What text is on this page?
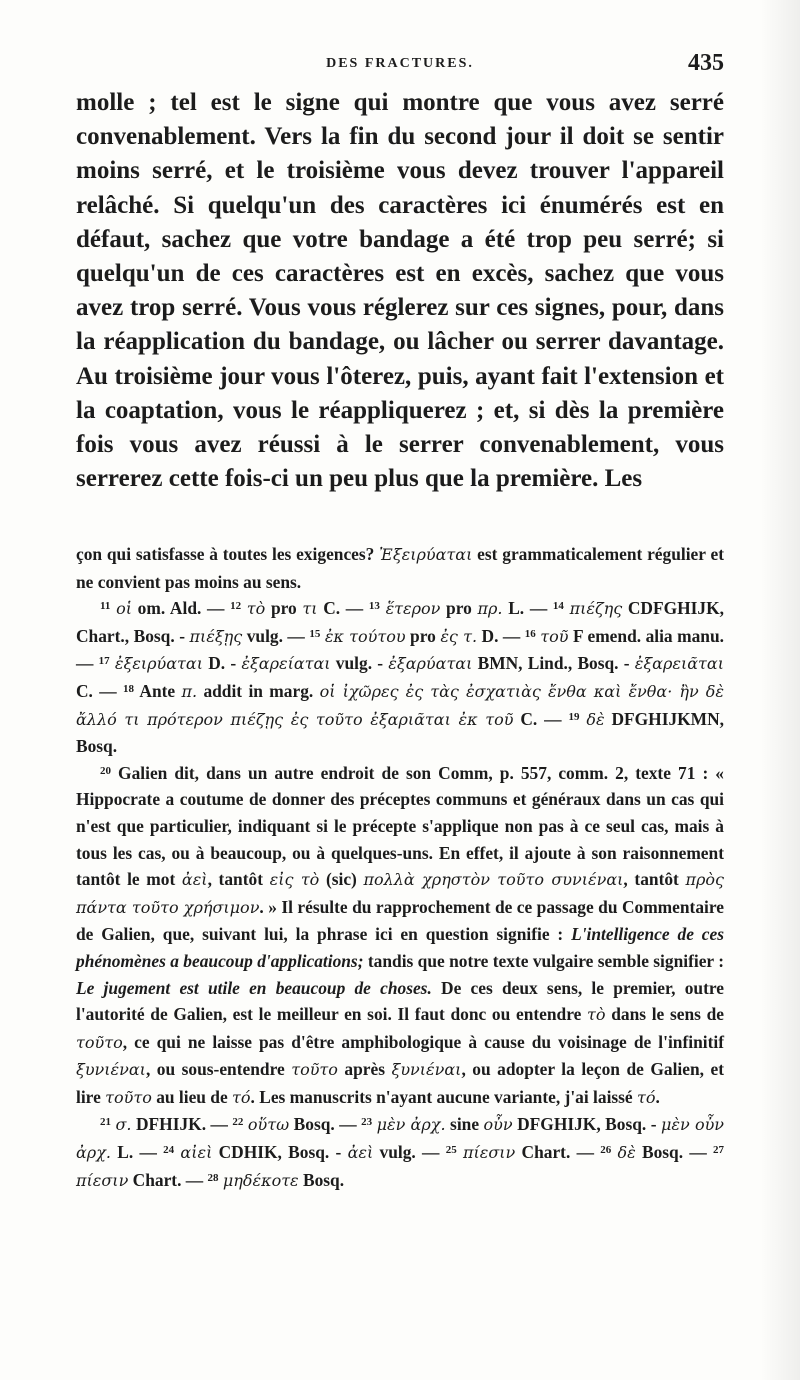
DES FRACTURES.	435

molle ; tel est le signe qui montre que vous avez serré convenablement. Vers la fin du second jour il doit se sentir moins serré, et le troisième vous devez trouver l'appareil relâché. Si quelqu'un des caractères ici énumérés est en défaut, sachez que votre bandage a été trop peu serré; si quelqu'un de ces caractères est en excès, sachez que vous avez trop serré. Vous vous réglerez sur ces signes, pour, dans la réapplication du bandage, ou lâcher ou serrer davantage. Au troisième jour vous l'ôterez, puis, ayant fait l'extension et la coaptation, vous le réappliquerez ; et, si dès la première fois vous avez réussi à le serrer convenablement, vous serrerez cette fois-ci un peu plus que la première. Les

çon qui satisfasse à toutes les exigences? Ἐξειρύαται est grammaticalement régulier et ne convient pas moins au sens.

$^{11}$ οἱ om. Ald. — $^{12}$ τὸ pro τι C. — $^{13}$ ἕτερον pro πρ. L. — $^{14}$ πιέζης CDFGHIJK, Chart., Bosq. - πιέξῃς vulg. — $^{15}$ ἐκ τούτου pro ἐς τ. D. — $^{16}$ τοῦ F emend. alia manu. — $^{17}$ ἐξειρύαται D. - ἐξαρείαται vulg. - ἐξαρύαται BMN, Lind., Bosq. - ἐξαρειᾶται C. — $^{18}$ Ante π. addit in marg. οἱ ἰχῶρες ἐς τὰς ἐσχατιὰς ἔνθα καὶ ἔνθα· ἢν δὲ ἄλλό τι πρότερον πιέζῃς ἐς τοῦτο ἐξαριᾶται ἐκ τοῦ C. — $^{19}$ δὲ DFGHIJKMN, Bosq.

$^{20}$ Galien dit, dans un autre endroit de son Comm, p. 557, comm. 2, texte 71 : « Hippocrate a coutume de donner des préceptes communs et généraux dans un cas qui n'est que particulier, indiquant si le précepte s'applique non pas à ce seul cas, mais à tous les cas, ou à beaucoup, ou à quelques-uns. En effet, il ajoute à son raisonnement tantôt le mot ἀεὶ, tantôt εἰς τὸ (sic) πολλὰ χρηστὸν τοῦτο συνιέναι, tantôt πρὸς πάντα τοῦτο χρήσιμον. » Il résulte du rapprochement de ce passage du Commentaire de Galien, que, suivant lui, la phrase ici en question signifie : L'intelligence de ces phénomènes a beaucoup d'applications; tandis que notre texte vulgaire semble signifier : Le jugement est utile en beaucoup de choses. De ces deux sens, le premier, outre l'autorité de Galien, est le meilleur en soi. Il faut donc ou entendre τὸ dans le sens de τοῦτο, ce qui ne laisse pas d'être amphibologique à cause du voisinage de l'infinitif ξυνιέναι, ou sous-entendre τοῦτο après ξυνιέναι, ou adopter la leçon de Galien, et lire τοῦτο au lieu de τό. Les manuscrits n'ayant aucune variante, j'ai laissé τό.

$^{21}$ σ. DFHIJK. — $^{22}$ οὕτω Bosq. — $^{23}$ μὲν ἀρχ. sine οὖν DFGHIJK, Bosq. - μὲν οὖν ἀρχ. L. — $^{24}$ αἰεὶ CDHIK, Bosq. - ἀεὶ vulg. — $^{25}$ πίεσιν Chart. — $^{26}$ δὲ Bosq. — $^{27}$ πίεσιν Chart. — $^{28}$ μηδέκοτε Bosq.
